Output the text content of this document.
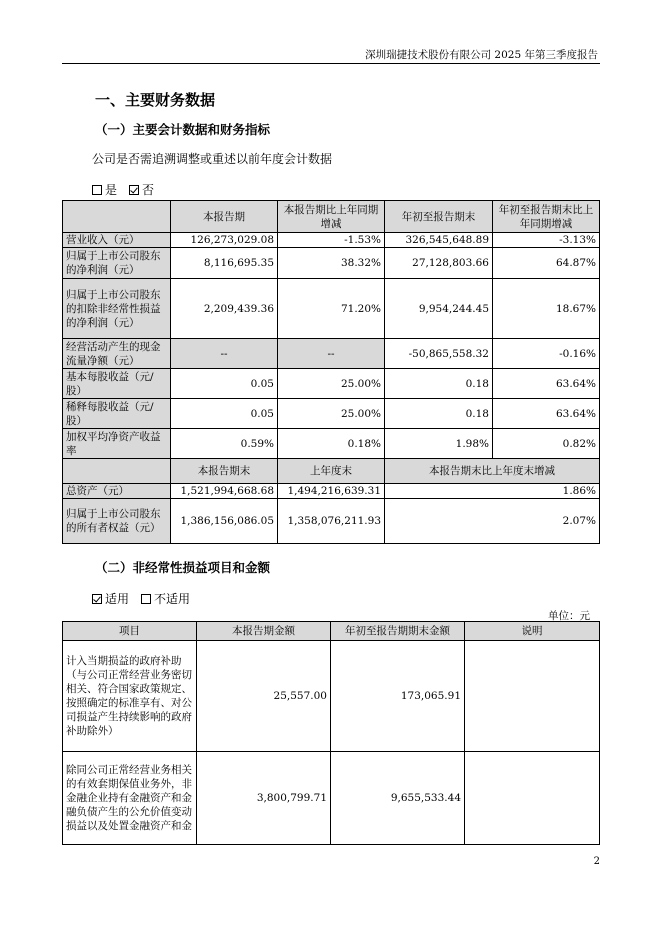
深圳瑞捷技术股份有限公司 2025 年第三季度报告
一、主要财务数据
（一）主要会计数据和财务指标
公司是否需追溯调整或重述以前年度会计数据
是 否
	本报告期	本报告期比上年同期增减	年初至报告期末	年初至报告期末比上年同期增减
营业收入（元）	126,273,029.08	-1.53%	326,545,648.89	-3.13%
归属于上市公司股东的净利润（元）	8,116,695.35	38.32%	27,128,803.66	64.87%
归属于上市公司股东的扣除非经常性损益的净利润（元）	2,209,439.36	71.20%	9,954,244.45	18.67%
经营活动产生的现金流量净额（元）	--	--	-50,865,558.32	-0.16%
基本每股收益（元/股）	0.05	25.00%	0.18	63.64%
稀释每股收益（元/股）	0.05	25.00%	0.18	63.64%
加权平均净资产收益率	0.59%	0.18%	1.98%	0.82%
	本报告期末	上年度末	本报告期末比上年度末增减	
总资产（元）	1,521,994,668.68	1,494,216,639.31	1.86%	
归属于上市公司股东的所有者权益（元）	1,386,156,086.05	1,358,076,211.93	2.07%	
（二）非经常性损益项目和金额
适用 不适用
单位：元
项目	本报告期金额	年初至报告期期末金额	说明
计入当期损益的政府补助（与公司正常经营业务密切相关、符合国家政策规定、按照确定的标准享有、对公司损益产生持续影响的政府补助除外）	25,557.00	173,065.91	
除同公司正常经营业务相关的有效套期保值业务外，非金融企业持有金融资产和金融负债产生的公允价值变动损益以及处置金融资产和金	3,800,799.71	9,655,533.44	
2
